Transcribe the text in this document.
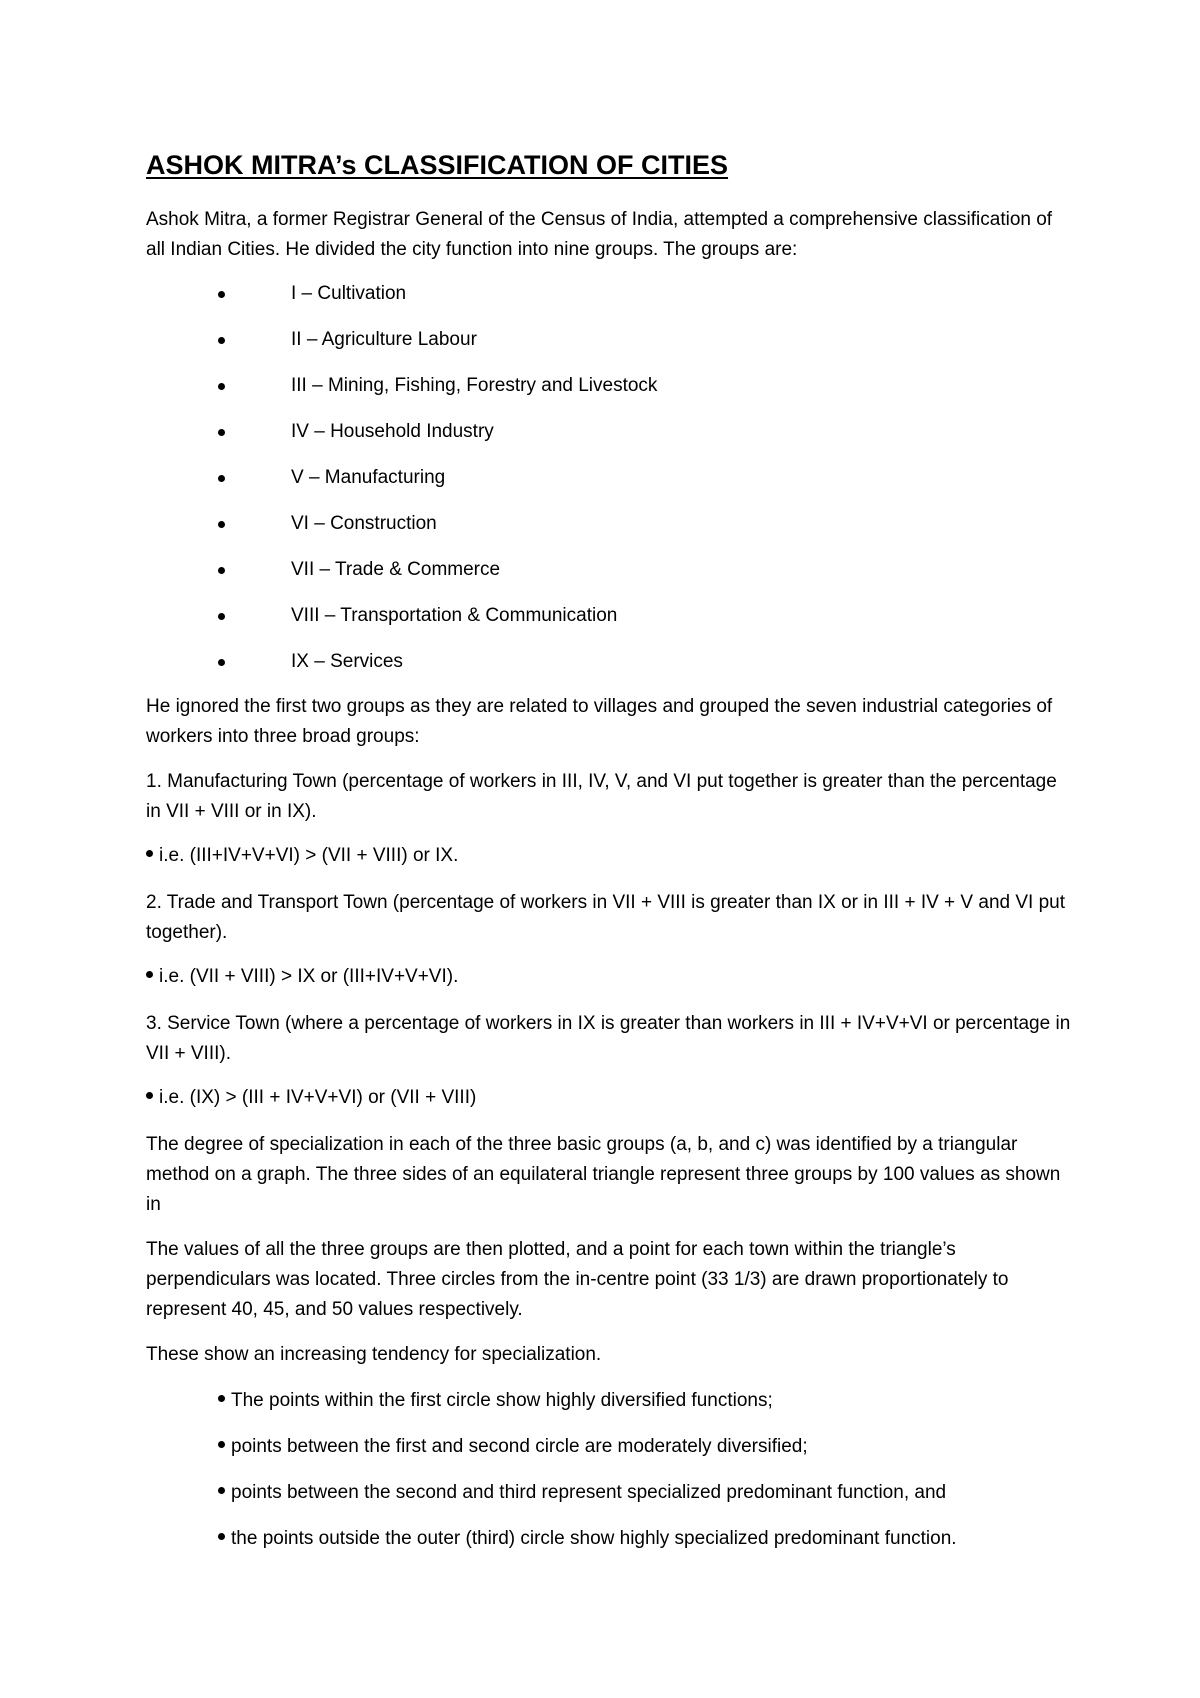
ASHOK MITRA’s CLASSIFICATION OF CITIES

Ashok Mitra, a former Registrar General of the Census of India, attempted a comprehensive classification of all Indian Cities. He divided the city function into nine groups. The groups are:

I – Cultivation
II – Agriculture Labour
III – Mining, Fishing, Forestry and Livestock
IV – Household Industry
V – Manufacturing
VI – Construction
VII – Trade & Commerce
VIII – Transportation & Communication
IX – Services

He ignored the first two groups as they are related to villages and grouped the seven industrial categories of workers into three broad groups:

1. Manufacturing Town (percentage of workers in III, IV, V, and VI put together is greater than the percentage in VII + VIII or in IX).

i.e. (III+IV+V+VI) > (VII + VIII) or IX.

2. Trade and Transport Town (percentage of workers in VII + VIII is greater than IX or in III + IV + V and VI put together).

i.e. (VII + VIII) > IX or (III+IV+V+VI).

3. Service Town (where a percentage of workers in IX is greater than workers in III + IV+V+VI or percentage in VII + VIII).

i.e. (IX) > (III + IV+V+VI) or (VII + VIII)

The degree of specialization in each of the three basic groups (a, b, and c) was identified by a triangular method on a graph. The three sides of an equilateral triangle represent three groups by 100 values as shown in

The values of all the three groups are then plotted, and a point for each town within the triangle’s perpendiculars was located. Three circles from the in-centre point (33 1/3) are drawn proportionately to represent 40, 45, and 50 values respectively.

These show an increasing tendency for specialization.

The points within the first circle show highly diversified functions;
points between the first and second circle are moderately diversified;
points between the second and third represent specialized predominant function, and
the points outside the outer (third) circle show highly specialized predominant function.
